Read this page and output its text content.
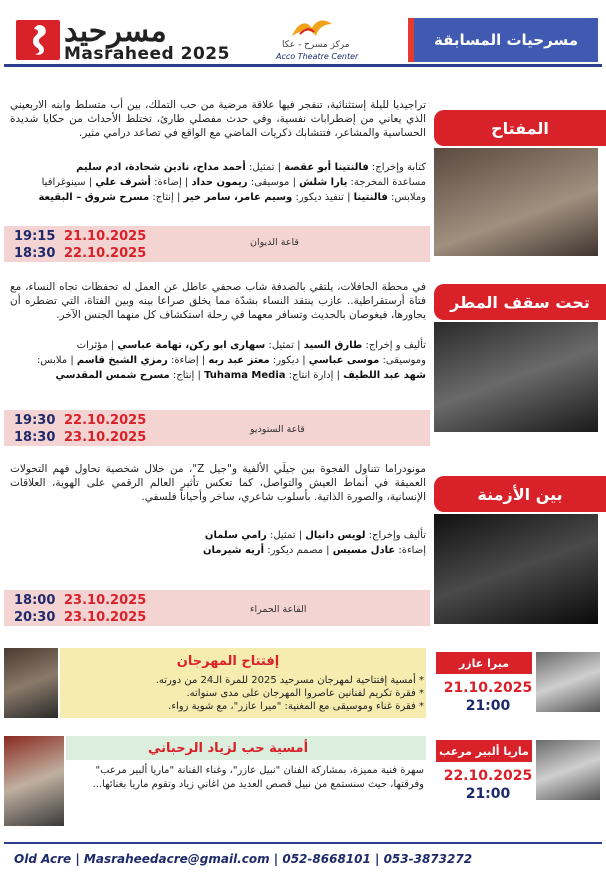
مسرحيد
Masraheed 2025	مركز مسرح - عكا
Acco Theatre Center
مسرحيات المسابقة
المفتاح
تراجيديا لليلة إستثنائية، تنفجر فيها علاقة مرضية من حب التملك، بين أب متسلط وابنه الاربعيني الذي يعاني من إضطرابات نفسية، وفي حدث مفصلي طارئ، تختلط الأحداث من حكايا شديدة الحساسية والمشاعر، فتتشابك ذكريات الماضي مع الواقع في تصاعد درامي مثير.
كتابة وإخراج: فالنتينا أبو عقصة | تمثيل: أحمد مداح، نادين شحادة، ادم سليم
مساعدة المخرجة: يارا شلش | موسيقى: ريمون حداد | إضاءة: أشرف علي | سينوغرافيا
وملابس: فالنتينا | تنفيذ ديكور: وسيم عامر، سامر خير | إنتاج: مسرح شروق – البقيعة
19:15 21.10.2025
18:30 22.10.2025
قاعة الديوان
تحت سقف المطر
في محطة الحافلات، يلتقي بالصدفة شاب صحفي عاطل عن العمل له تحفظات تجاه النساء، مع فتاة أرستقراطية.. عازب ينتقد النساء بشدّة مما يخلق صراعا بينه وبين الفتاة، التي تضطره أن يحاورها، فيغوصان بالحديث وتسافر معهما في رحلة استكشاف كل منهما الجنس الآخر.
تأليف و إخراج: طارق السيد | تمثيل: سهارى ابو ركن، تهامة عباسي | مؤثرات
وموسيقى: موسى عباسي | ديكور: معتز عبد ربه | إضاءة: رمزي الشيخ قاسم | ملابس:
شهد عبد اللطيف | إدارة انتاج: Tuhama Media | إنتاج: مسرح شمس المقدسي
19:30 22.10.2025
18:30 23.10.2025
قاعة الستوديو
بين الأزمنة
مونودراما تتناول الفجوة بين جيلَي الألفية و"جيل Z"، من خلال شخصية تحاول فهم التحولات العميقة في أنماط العيش والتواصل، كما تعكس تأثير العالم الرقمي على الهوية، العلاقات الإنسانية، والصورة الذاتية. بأسلوب شاعري، ساخر وأحياناً فلسفي.
تأليف وإخراج: لويس دانيال | تمثيل: رامي سلمان
إضاءة: عادل مسيس | مصمم ديكور: أريه شيرمان
18:00 23.10.2025
20:30 23.10.2025
القاعة الحمراء
إفتتاح المهرجان
* أمسية إفتتاحية لمهرجان مسرحيد 2025 للمرة الـ24 من دورته.
* فقرة تكريم لفنانين عاصروا المهرجان على مدى سنواته.
* فقرة غناء وموسيقى مع المغنية: "ميرا عازر"، مع شوية رواء.
ميرا عازر
21.10.2025
21:00
أمسية حب لزياد الرحباني
سهرة فنية مميزة، بمشاركة الفنان "نبيل عازر"، وغناء الفنانة "ماريا ألبير مرعب" وفرقتها، حيث سنستمع من نبيل قصص العديد من اغاني زياد وتقوم ماريا بغنائها...
ماريا ألبير مرعب
22.10.2025
21:00
Old Acre | Masraheedacre@gmail.com | 052-8668101 | 053-3873272
